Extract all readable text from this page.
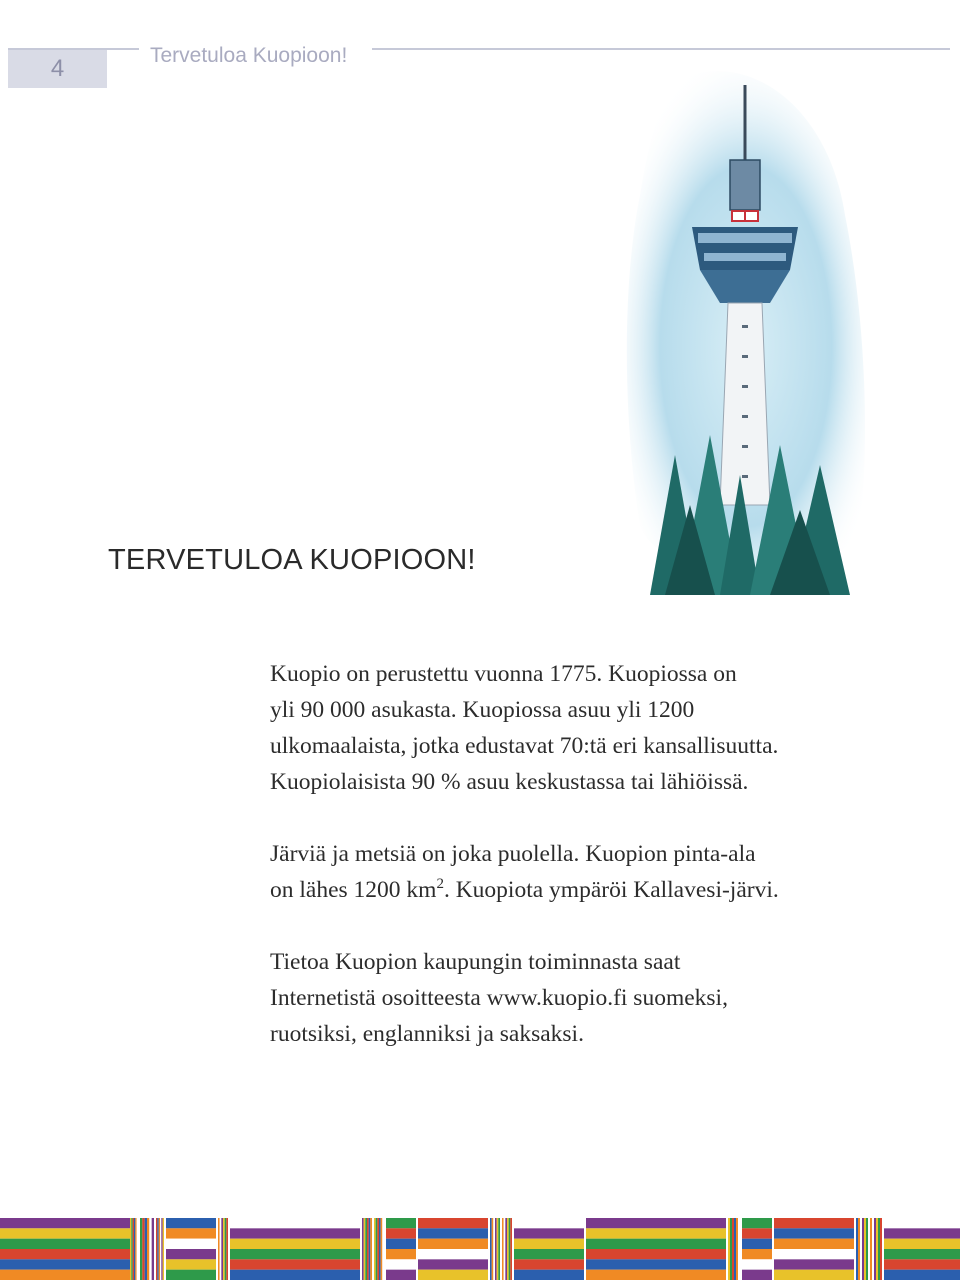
4	Tervetuloa Kuopioon!
TERVETULOA KUOPIOON!

Kuopio on perustettu vuonna 1775. Kuopiossa on
yli 90 000 asukasta. Kuopiossa asuu yli 1200
ulkomaalaista, jotka edustavat 70:tä eri kansallisuutta.
Kuopiolaisista 90 % asuu keskustassa tai lähiöissä.

Järviä ja metsiä on joka puolella. Kuopion pinta-ala
on lähes 1200 $km^2$. Kuopiota ympäröi Kallavesi-järvi.

Tietoa Kuopion kaupungin toiminnasta saat
Internetistä osoitteesta www.kuopio.fi suomeksi,
ruotsiksi, englanniksi ja saksaksi.
